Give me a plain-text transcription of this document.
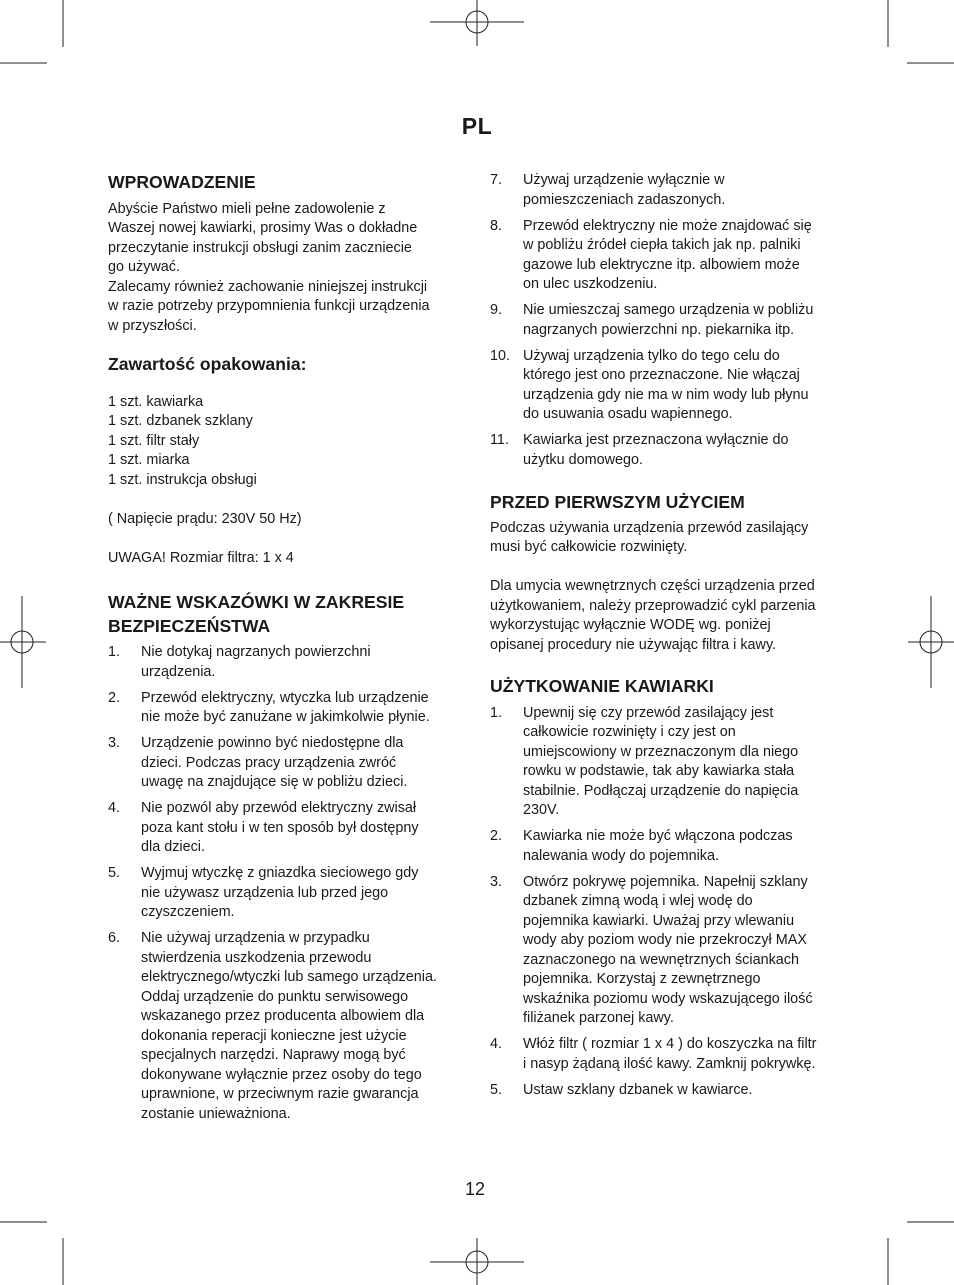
PL
WPROWADZENIE
Abyście Państwo mieli pełne zadowolenie z
Waszej nowej kawiarki, prosimy Was o dokładne
przeczytanie instrukcji obsługi zanim zaczniecie
go używać.
Zalecamy również zachowanie niniejszej instrukcji
w razie potrzeby przypomnienia funkcji urządzenia
w przyszłości.
Zawartość opakowania:
1 szt. kawiarka
1 szt. dzbanek szklany
1 szt. filtr stały
1 szt. miarka
1 szt. instrukcja obsługi
( Napięcie prądu: 230V 50 Hz)
UWAGA! Rozmiar filtra: 1 x 4
WAŻNE WSKAZÓWKI W ZAKRESIE
BEZPIECZEŃSTWA
1.	Nie dotykaj nagrzanych powierzchni
urządzenia.
2.	Przewód elektryczny, wtyczka lub urządzenie
nie może być zanużane w jakimkolwie płynie.
3.	Urządzenie powinno być niedostępne dla
dzieci. Podczas pracy urządzenia zwróć
uwagę na znajdujące się w pobliżu dzieci.
4.	Nie pozwól aby przewód elektryczny zwisał
poza kant stołu i w ten sposób był dostępny
dla dzieci.
5.	Wyjmuj wtyczkę z gniazdka sieciowego gdy
nie używasz urządzenia lub przed jego
czyszczeniem.
6.	Nie używaj urządzenia w przypadku
stwierdzenia uszkodzenia przewodu
elektrycznego/wtyczki lub samego urządzenia.
Oddaj urządzenie do punktu serwisowego
wskazanego przez producenta albowiem dla
dokonania reperacji konieczne jest użycie
specjalnych narzędzi. Naprawy mogą być
dokonywane wyłącznie przez osoby do tego
uprawnione, w przeciwnym razie gwarancja
zostanie unieważniona.
7.	Używaj urządzenie wyłącznie w
pomieszczeniach zadaszonych.
8.	Przewód elektryczny nie może znajdować się
w pobliżu źródeł ciepła takich jak np. palniki
gazowe lub elektryczne itp. albowiem może
on ulec uszkodzeniu.
9.	Nie umieszczaj samego urządzenia w pobliżu
nagrzanych powierzchni np. piekarnika itp.
10. Używaj urządzenia tylko do tego celu do
którego jest ono przeznaczone. Nie włączaj
urządzenia gdy nie ma w nim wody lub płynu
do usuwania osadu wapiennego.
11. Kawiarka jest przeznaczona wyłącznie do
użytku domowego.
PRZED PIERWSZYM UŻYCIEM
Podczas używania urządzenia przewód zasilający
musi być całkowicie rozwinięty.
Dla umycia wewnętrznych części urządzenia przed
użytkowaniem, należy przeprowadzić cykl parzenia
wykorzystując wyłącznie WODĘ wg. poniżej
opisanej procedury nie używając filtra i kawy.
UŻYTKOWANIE KAWIARKI
1.	Upewnij się czy przewód zasilający jest
całkowicie rozwinięty i czy jest on
umiejscowiony w przeznaczonym dla niego
rowku w podstawie, tak aby kawiarka stała
stabilnie. Podłączaj urządzenie do napięcia
230V.
2.	Kawiarka nie może być włączona podczas
nalewania wody do pojemnika.
3.	Otwórz pokrywę pojemnika. Napełnij szklany
dzbanek zimną wodą i wlej wodę do
pojemnika kawiarki. Uważaj przy wlewaniu
wody aby poziom wody nie przekroczył MAX
zaznaczonego na wewnętrznych ściankach
pojemnika. Korzystaj z zewnętrznego
wskaźnika poziomu wody wskazującego ilość
filiżanek parzonej kawy.
4.	Włóż filtr ( rozmiar 1 x 4 ) do koszyczka na filtr
i nasyp żądaną ilość kawy. Zamknij pokrywkę.
5.	Ustaw szklany dzbanek w kawiarce.
12
